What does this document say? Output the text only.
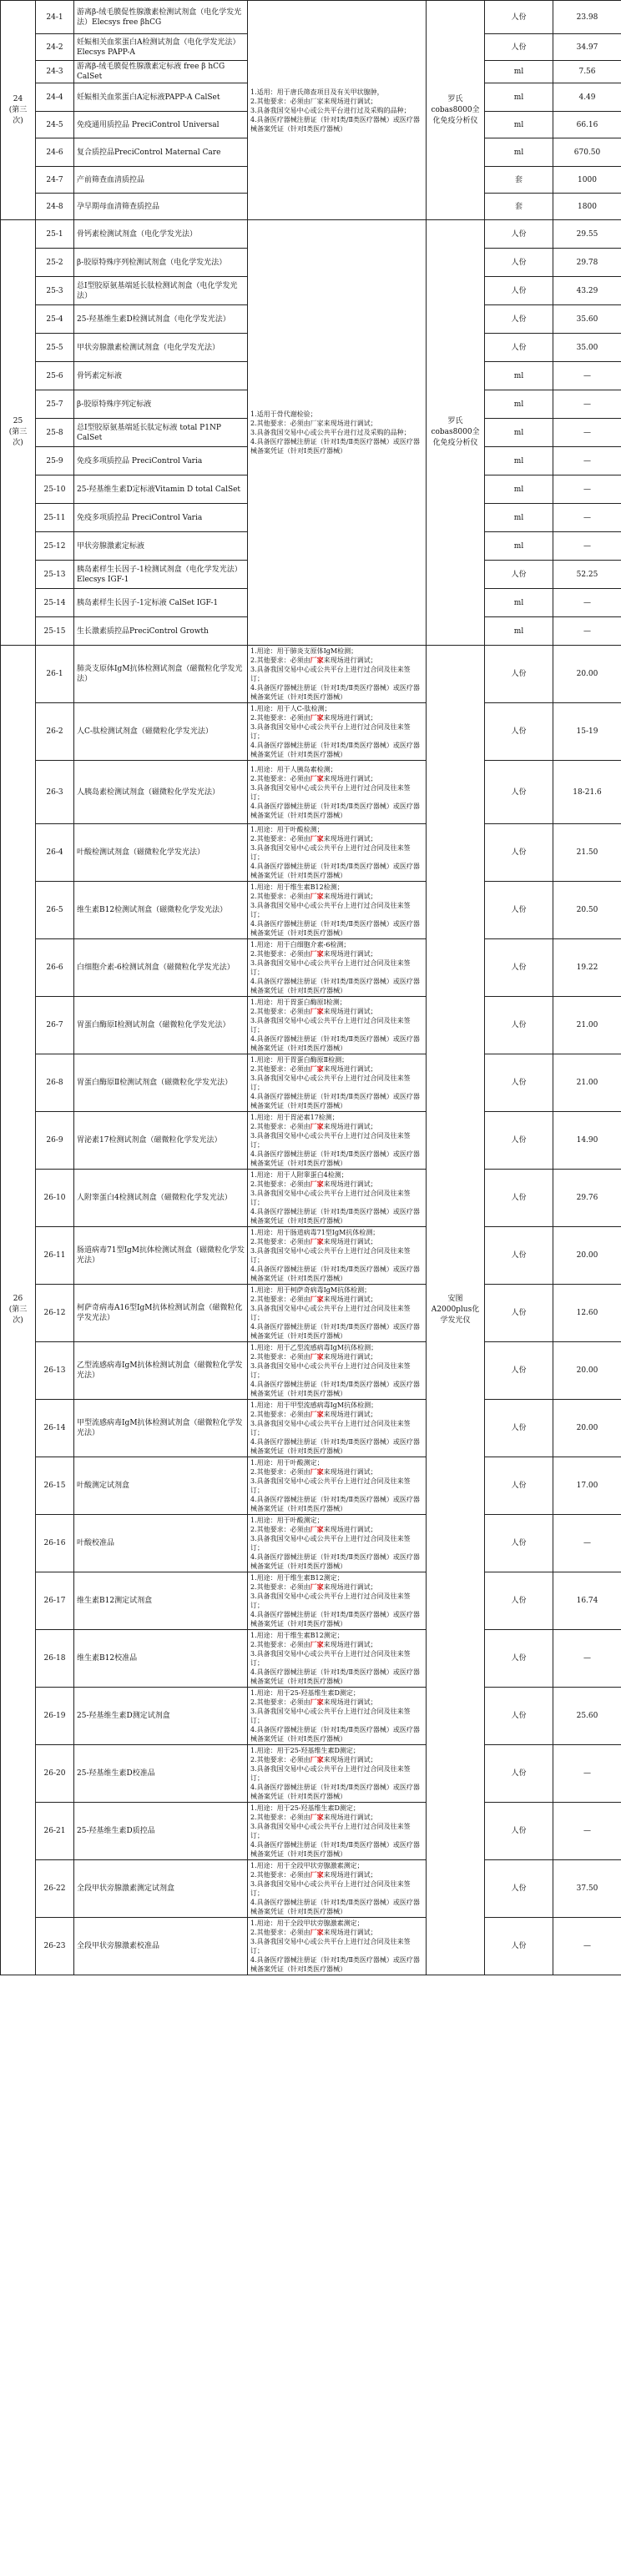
24
(第三
次)	24-1	游离β-绒毛膜促性腺激素检测试剂盒（电化学发光法）Elecsys free βhCG	1.适用：用于唐氏筛查项目及有关甲状腺肿，
2.其他要求：必须由厂家来现场进行调试；
3.具备我国交易中心或公共平台进行过及采购的品种；
4.具备医疗器械注册证（针对Ⅰ类/Ⅱ类医疗器械）或医疗器械备案凭证（针对Ⅰ类医疗器械）	罗氏
cobas8000全
化免疫分析仪	人份	23.98
	24-2	妊娠相关血浆蛋白A检测试剂盒（电化学发光法）Elecsys PAPP-A			人份	34.97
	24-3	游离β-绒毛膜促性腺激素定标液 free β hCG CalSet			ml	7.56
	24-4	妊娠相关血浆蛋白A定标液PAPP-A CalSet			ml	4.49
	24-5	免疫通用质控品 PreciControl Universal			ml	66.16
	24-6	复合质控品PreciControl Maternal Care			ml	670.50
	24-7	产前筛查血清质控品			套	1000
	24-8	孕早期母血清筛查质控品			套	1800

25
(第三
次)	25-1	骨钙素检测试剂盒（电化学发光法）	1.适用于骨代谢检验；
2.其他要求：必须由厂家来现场进行调试；
3.具备我国交易中心或公共平台进行过及采购的品种；
4.具备医疗器械注册证（针对Ⅰ类/Ⅱ类医疗器械）或医疗器械备案凭证（针对Ⅰ类医疗器械）	罗氏
cobas8000全
化免疫分析仪	人份	29.55
	25-2	β-胶原特殊序列检测试剂盒（电化学发光法）			人份	29.78
	25-3	总I型胶原氨基端延长肽检测试剂盒（电化学发光法）			人份	43.29
	25-4	25-羟基维生素D检测试剂盒（电化学发光法）			人份	35.60
	25-5	甲状旁腺激素检测试剂盒（电化学发光法）			人份	35.00
	25-6	骨钙素定标液			ml	—
	25-7	β-胶原特殊序列定标液			ml	—
	25-8	总I型胶原氨基端延长肽定标液 total P1NP CalSet			ml	—
	25-9	免疫多项质控品 PreciControl Varia			ml	—
	25-10	25-羟基维生素D定标液Vitamin D total CalSet			ml	—
	25-11	免疫多项质控品 PreciControl Varia			ml	—
	25-12	甲状旁腺激素定标液			ml	—
	25-13	胰岛素样生长因子-1检测试剂盒（电化学发光法）Elecsys IGF-1			人份	52.25
	25-14	胰岛素样生长因子-1定标液 CalSet IGF-1			ml	—
	25-15	生长激素质控品PreciControl Growth			ml	—

26
(第三
次)	26-1	肺炎支原体IgM抗体检测试剂盒（磁微粒化学发光法）	1.用途：用于肺炎支原体IgM检测；
2.其他要求：必须由厂家来现场进行调试；
3.具备我国交易中心或公共平台上进行过合同及往来签订；
4.具备医疗器械注册证（针对Ⅰ类/Ⅱ类医疗器械）或医疗器械备案凭证（针对Ⅰ类医疗器械）	安图
A2000plus化
学发光仪	人份	20.00
	26-2	人C-肽检测试剂盒（磁微粒化学发光法）	1.用途：用于人C-肽检测；
2.其他要求：必须由厂家来现场进行调试；
3.具备我国交易中心或公共平台上进行过合同及往来签订；
4.具备医疗器械注册证（针对Ⅰ类/Ⅱ类医疗器械）或医疗器械备案凭证（针对Ⅰ类医疗器械）		人份	15-19
	26-3	人胰岛素检测试剂盒（磁微粒化学发光法）	1.用途：用于人胰岛素检测；
2.其他要求：必须由厂家来现场进行调试；
3.具备我国交易中心或公共平台上进行过合同及往来签订；
4.具备医疗器械注册证（针对Ⅰ类/Ⅱ类医疗器械）或医疗器械备案凭证（针对Ⅰ类医疗器械）		人份	18-21.6
	26-4	叶酸检测试剂盒（磁微粒化学发光法）	1.用途：用于叶酸检测；
2.其他要求：必须由厂家来现场进行调试；
3.具备我国交易中心或公共平台上进行过合同及往来签订；
4.具备医疗器械注册证（针对Ⅰ类/Ⅱ类医疗器械）或医疗器械备案凭证（针对Ⅰ类医疗器械）		人份	21.50
	26-5	维生素B12检测试剂盒（磁微粒化学发光法）	1.用途：用于维生素B12检测；
2.其他要求：必须由厂家来现场进行调试；
3.具备我国交易中心或公共平台上进行过合同及往来签订；
4.具备医疗器械注册证（针对Ⅰ类/Ⅱ类医疗器械）或医疗器械备案凭证（针对Ⅰ类医疗器械）		人份	20.50
	26-6	白细胞介素-6检测试剂盒（磁微粒化学发光法）	1.用途：用于白细胞介素-6检测；
2.其他要求：必须由厂家来现场进行调试；
3.具备我国交易中心或公共平台上进行过合同及往来签订；
4.具备医疗器械注册证（针对Ⅰ类/Ⅱ类医疗器械）或医疗器械备案凭证（针对Ⅰ类医疗器械）		人份	19.22
	26-7	胃蛋白酶原Ⅰ检测试剂盒（磁微粒化学发光法）	1.用途：用于胃蛋白酶原Ⅰ检测；
2.其他要求：必须由厂家来现场进行调试；
3.具备我国交易中心或公共平台上进行过合同及往来签订；
4.具备医疗器械注册证（针对Ⅰ类/Ⅱ类医疗器械）或医疗器械备案凭证（针对Ⅰ类医疗器械）		人份	21.00
	26-8	胃蛋白酶原Ⅱ检测试剂盒（磁微粒化学发光法）	1.用途：用于胃蛋白酶原Ⅱ检测；
2.其他要求：必须由厂家来现场进行调试；
3.具备我国交易中心或公共平台上进行过合同及往来签订；
4.具备医疗器械注册证（针对Ⅰ类/Ⅱ类医疗器械）或医疗器械备案凭证（针对Ⅰ类医疗器械）		人份	21.00
	26-9	胃泌素17检测试剂盒（磁微粒化学发光法）	1.用途：用于胃泌素17检测；
2.其他要求：必须由厂家来现场进行调试；
3.具备我国交易中心或公共平台上进行过合同及往来签订；
4.具备医疗器械注册证（针对Ⅰ类/Ⅱ类医疗器械）或医疗器械备案凭证（针对Ⅰ类医疗器械）		人份	14.90
	26-10	人附睾蛋白4检测试剂盒（磁微粒化学发光法）	1.用途：用于人附睾蛋白4检测；
2.其他要求：必须由厂家来现场进行调试；
3.具备我国交易中心或公共平台上进行过合同及往来签订；
4.具备医疗器械注册证（针对Ⅰ类/Ⅱ类医疗器械）或医疗器械备案凭证（针对Ⅰ类医疗器械）		人份	29.76
	26-11	肠道病毒71型IgM抗体检测试剂盒（磁微粒化学发光法）	1.用途：用于肠道病毒71型IgM抗体检测；
2.其他要求：必须由厂家来现场进行调试；
3.具备我国交易中心或公共平台上进行过合同及往来签订；
4.具备医疗器械注册证（针对Ⅰ类/Ⅱ类医疗器械）或医疗器械备案凭证（针对Ⅰ类医疗器械）		人份	20.00
	26-12	柯萨奇病毒A16型IgM抗体检测试剂盒（磁微粒化学发光法）	1.用途：用于柯萨奇病毒IgM抗体检测；
2.其他要求：必须由厂家来现场进行调试；
3.具备我国交易中心或公共平台上进行过合同及往来签订；
4.具备医疗器械注册证（针对Ⅰ类/Ⅱ类医疗器械）或医疗器械备案凭证（针对Ⅰ类医疗器械）		人份	12.60
	26-13	乙型流感病毒IgM抗体检测试剂盒（磁微粒化学发光法）	1.用途：用于乙型流感病毒IgM抗体检测；
2.其他要求：必须由厂家来现场进行调试；
3.具备我国交易中心或公共平台上进行过合同及往来签订；
4.具备医疗器械注册证（针对Ⅰ类/Ⅱ类医疗器械）或医疗器械备案凭证（针对Ⅰ类医疗器械）		人份	20.00
	26-14	甲型流感病毒IgM抗体检测试剂盒（磁微粒化学发光法）	1.用途：用于甲型流感病毒IgM抗体检测；
2.其他要求：必须由厂家来现场进行调试；
3.具备我国交易中心或公共平台上进行过合同及往来签订；
4.具备医疗器械注册证（针对Ⅰ类/Ⅱ类医疗器械）或医疗器械备案凭证（针对Ⅰ类医疗器械）		人份	20.00
	26-15	叶酸测定试剂盒	1.用途：用于叶酸测定；
2.其他要求：必须由厂家来现场进行调试；
3.具备我国交易中心或公共平台上进行过合同及往来签订；
4.具备医疗器械注册证（针对Ⅰ类/Ⅱ类医疗器械）或医疗器械备案凭证（针对Ⅰ类医疗器械）		人份	17.00
	26-16	叶酸校准品	1.用途：用于叶酸测定；
2.其他要求：必须由厂家来现场进行调试；
3.具备我国交易中心或公共平台上进行过合同及往来签订；
4.具备医疗器械注册证（针对Ⅰ类/Ⅱ类医疗器械）或医疗器械备案凭证（针对Ⅰ类医疗器械）		人份	—
	26-17	维生素B12测定试剂盒	1.用途：用于维生素B12测定；
2.其他要求：必须由厂家来现场进行调试；
3.具备我国交易中心或公共平台上进行过合同及往来签订；
4.具备医疗器械注册证（针对Ⅰ类/Ⅱ类医疗器械）或医疗器械备案凭证（针对Ⅰ类医疗器械）		人份	16.74
	26-18	维生素B12校准品	1.用途：用于维生素B12测定；
2.其他要求：必须由厂家来现场进行调试；
3.具备我国交易中心或公共平台上进行过合同及往来签订；
4.具备医疗器械注册证（针对Ⅰ类/Ⅱ类医疗器械）或医疗器械备案凭证（针对Ⅰ类医疗器械）		人份	—
	26-19	25-羟基维生素D测定试剂盒	1.用途：用于25-羟基维生素D测定；
2.其他要求：必须由厂家来现场进行调试；
3.具备我国交易中心或公共平台上进行过合同及往来签订；
4.具备医疗器械注册证（针对Ⅰ类/Ⅱ类医疗器械）或医疗器械备案凭证（针对Ⅰ类医疗器械）		人份	25.60
	26-20	25-羟基维生素D校准品	1.用途：用于25-羟基维生素D测定；
2.其他要求：必须由厂家来现场进行调试；
3.具备我国交易中心或公共平台上进行过合同及往来签订；
4.具备医疗器械注册证（针对Ⅰ类/Ⅱ类医疗器械）或医疗器械备案凭证（针对Ⅰ类医疗器械）		人份	—
	26-21	25-羟基维生素D质控品	1.用途：用于25-羟基维生素D测定；
2.其他要求：必须由厂家来现场进行调试；
3.具备我国交易中心或公共平台上进行过合同及往来签订；
4.具备医疗器械注册证（针对Ⅰ类/Ⅱ类医疗器械）或医疗器械备案凭证（针对Ⅰ类医疗器械）		人份	—
	26-22	全段甲状旁腺激素测定试剂盒	1.用途：用于全段甲状旁腺激素测定；
2.其他要求：必须由厂家来现场进行调试；
3.具备我国交易中心或公共平台上进行过合同及往来签订；
4.具备医疗器械注册证（针对Ⅰ类/Ⅱ类医疗器械）或医疗器械备案凭证（针对Ⅰ类医疗器械）		人份	37.50
	26-23	全段甲状旁腺激素校准品	1.用途：用于全段甲状旁腺激素测定；
2.其他要求：必须由厂家来现场进行调试；
3.具备我国交易中心或公共平台上进行过合同及往来签订；
4.具备医疗器械注册证（针对Ⅰ类/Ⅱ类医疗器械）或医疗器械备案凭证（针对Ⅰ类医疗器械）		人份	—
